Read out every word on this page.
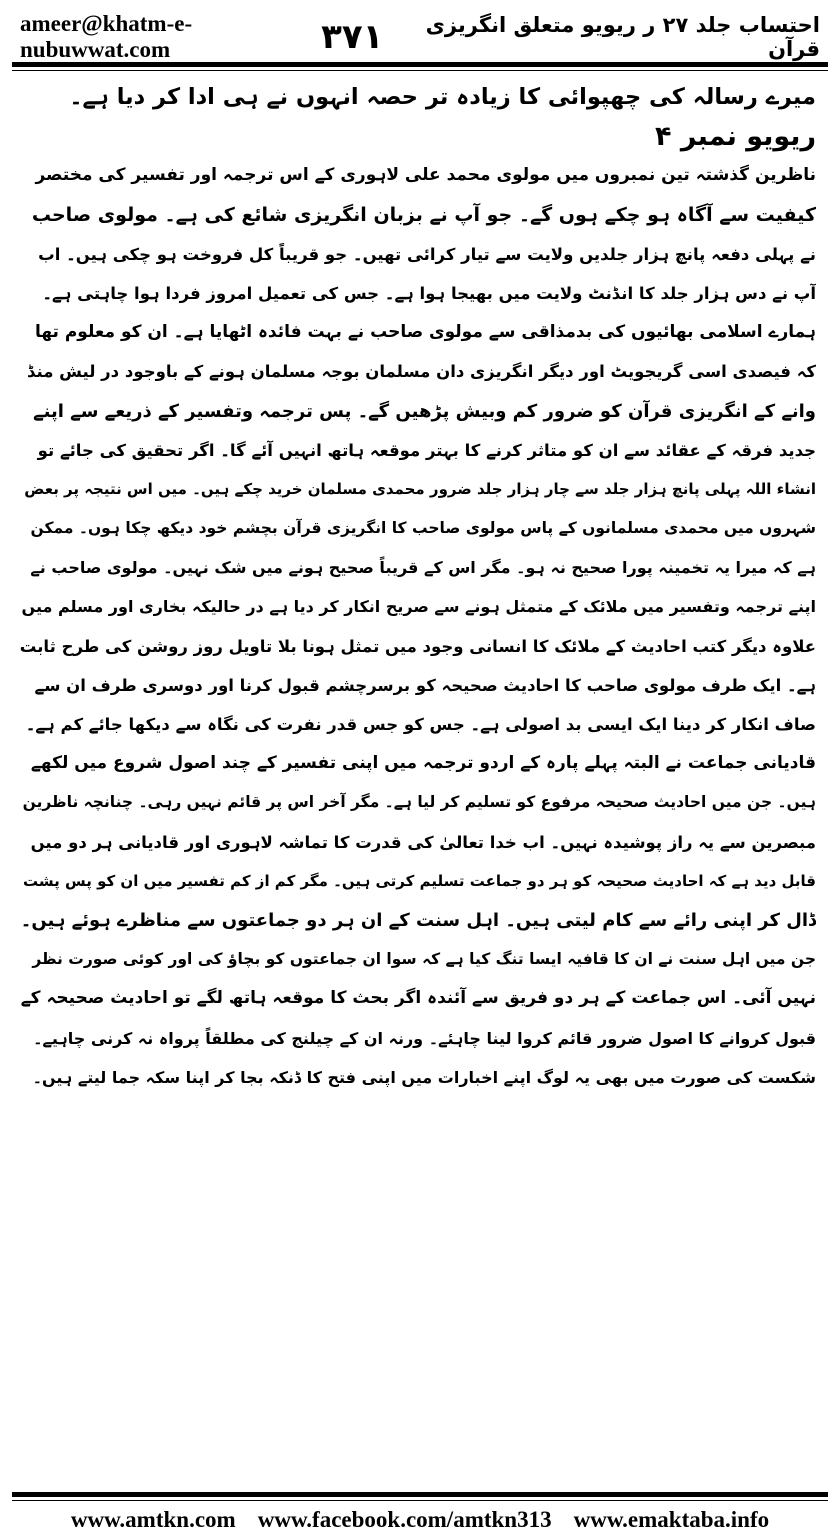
ameer@khatm-e-nubuwwat.com
احتساب جلد ۲۷ ر ریویو متعلق انگریزی قرآن
۳۷۱
میرے رسالہ کی چھپوائی کا زیادہ تر حصہ انہوں نے ہی ادا کر دیا ہے۔
ریویو نمبر ۴
ناظرین گذشتہ تین نمبروں میں مولوی محمد علی لاہوری کے اس ترجمہ اور تفسیر کی مختصر
کیفیت سے آگاہ ہو چکے ہوں گے۔ جو آپ نے بزبان انگریزی شائع کی ہے۔ مولوی صاحب
نے پہلی دفعہ پانچ ہزار جلدیں ولایت سے تیار کرائی تھیں۔ جو قریباً کل فروخت ہو چکی ہیں۔ اب
آپ نے دس ہزار جلد کا انڈنٹ ولایت میں بھیجا ہوا ہے۔ جس کی تعمیل امروز فردا ہوا چاہتی ہے۔
ہمارے اسلامی بھائیوں کی بدمذاقی سے مولوی صاحب نے بہت فائدہ اٹھایا ہے۔ ان کو معلوم تھا
کہ فیصدی اسی گریجویٹ اور دیگر انگریزی دان مسلمان بوجہ مسلمان ہونے کے باوجود در لیش منڈ
وانے کے انگریزی قرآن کو ضرور کم وبیش پڑھیں گے۔ پس ترجمہ وتفسیر کے ذریعے سے اپنے
جدید فرقہ کے عقائد سے ان کو متاثر کرنے کا بہتر موقعہ ہاتھ انہیں آئے گا۔ اگر تحقیق کی جائے تو
انشاء اللہ پہلی پانچ ہزار جلد سے چار ہزار جلد ضرور محمدی مسلمان خرید چکے ہیں۔ میں اس نتیجہ پر بعض
شہروں میں محمدی مسلمانوں کے پاس مولوی صاحب کا انگریزی قرآن بچشم خود دیکھ چکا ہوں۔ ممکن
ہے کہ میرا یہ تخمینہ پورا صحیح نہ ہو۔ مگر اس کے قریباً صحیح ہونے میں شک نہیں۔ مولوی صاحب نے
اپنے ترجمہ وتفسیر میں ملائک کے متمثل ہونے سے صریح انکار کر دیا ہے در حالیکہ بخاری اور مسلم میں
علاوہ دیگر کتب احادیث کے ملائک کا انسانی وجود میں تمثل ہونا بلا تاویل روز روشن کی طرح ثابت
ہے۔ ایک طرف مولوی صاحب کا احادیث صحیحہ کو برسرچشم قبول کرنا اور دوسری طرف ان سے
صاف انکار کر دینا ایک ایسی بد اصولی ہے۔ جس کو جس قدر نفرت کی نگاہ سے دیکھا جائے کم ہے۔
قادیانی جماعت نے البتہ پہلے پارہ کے اردو ترجمہ میں اپنی تفسیر کے چند اصول شروع میں لکھے
ہیں۔ جن میں احادیث صحیحہ مرفوع کو تسلیم کر لیا ہے۔ مگر آخر اس پر قائم نہیں رہی۔ چنانچہ ناظرین
مبصرین سے یہ راز پوشیدہ نہیں۔ اب خدا تعالیٰ کی قدرت کا تماشہ لاہوری اور قادیانی ہر دو میں
قابل دید ہے کہ احادیث صحیحہ کو ہر دو جماعت تسلیم کرتی ہیں۔ مگر کم از کم تفسیر میں ان کو پس پشت
ڈال کر اپنی رائے سے کام لیتی ہیں۔ اہل سنت کے ان ہر دو جماعتوں سے مناظرے ہوئے ہیں۔
جن میں اہل سنت نے ان کا قافیہ ایسا تنگ کیا ہے کہ سوا ان جماعتوں کو بچاؤ کی اور کوئی صورت نظر
نہیں آئی۔ اس جماعت کے ہر دو فریق سے آئندہ اگر بحث کا موقعہ ہاتھ لگے تو احادیث صحیحہ کے
قبول کروانے کا اصول ضرور قائم کروا لینا چاہئے۔ ورنہ ان کے چیلنج کی مطلقاً پرواہ نہ کرنی چاہیے۔
شکست کی صورت میں بھی یہ لوگ اپنے اخبارات میں اپنی فتح کا ڈنکہ بجا کر اپنا سکہ جما لیتے ہیں۔
www.amtkn.com www.facebook.com/amtkn313 www.emaktaba.info
